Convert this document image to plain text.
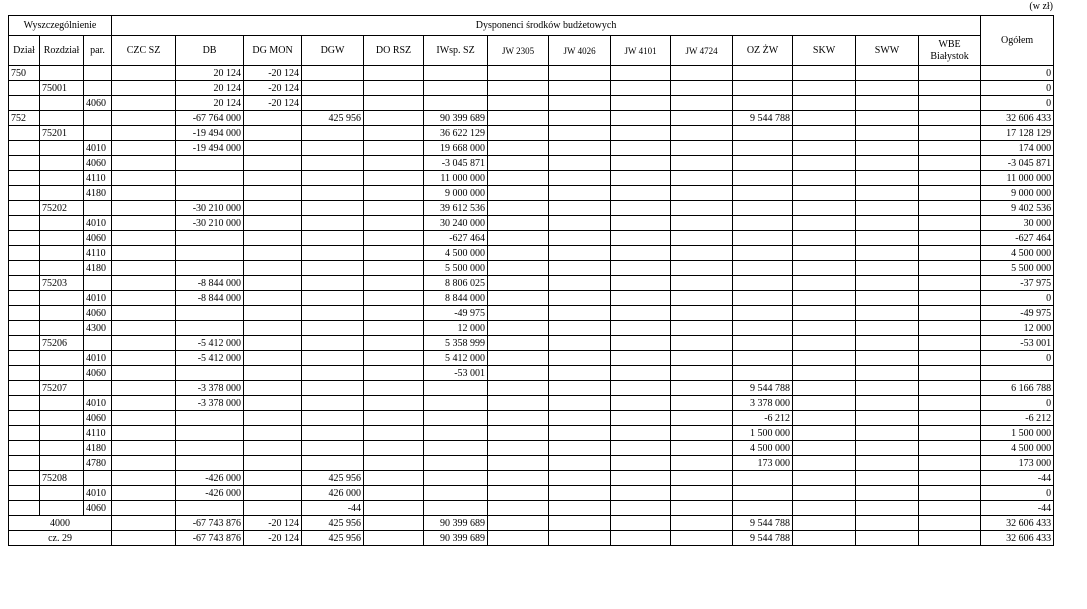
(w zł)
Wyszczególnienie			Dysponenci środków budżetowych														Ogółem
Dział	Rozdział	par.	CZC SZ	DB	DG MON	DGW	DO RSZ	IWsp. SZ	JW 2305	JW 4026	JW 4101	JW 4724	OZ ŻW	SKW	SWW	WBE Białystok	
750				20 124	-20 124												0
	75001			20 124	-20 124												0
		4060		20 124	-20 124												0
752				-67 764 000		425 956		90 399 689					9 544 788				32 606 433
	75201			-19 494 000				36 622 129									17 128 129
		4010		-19 494 000				19 668 000									174 000
		4060						-3 045 871									-3 045 871
		4110						11 000 000									11 000 000
		4180						9 000 000									9 000 000
	75202			-30 210 000				39 612 536									9 402 536
		4010		-30 210 000				30 240 000									30 000
		4060						-627 464									-627 464
		4110						4 500 000									4 500 000
		4180						5 500 000									5 500 000
	75203			-8 844 000				8 806 025									-37 975
		4010		-8 844 000				8 844 000									0
		4060						-49 975									-49 975
		4300						12 000									12 000
	75206			-5 412 000				5 358 999									-53 001
		4010		-5 412 000				5 412 000									0
		4060						-53 001									
	75207			-3 378 000									9 544 788				6 166 788
		4010		-3 378 000									3 378 000				0
		4060											-6 212				-6 212
		4110											1 500 000				1 500 000
		4180											4 500 000				4 500 000
		4780											173 000				173 000
	75208			-426 000		425 956											-44
		4010		-426 000		426 000											0
		4060				-44											-44
4000				-67 743 876	-20 124	425 956		90 399 689					9 544 788				32 606 433
cz. 29				-67 743 876	-20 124	425 956		90 399 689					9 544 788				32 606 433
